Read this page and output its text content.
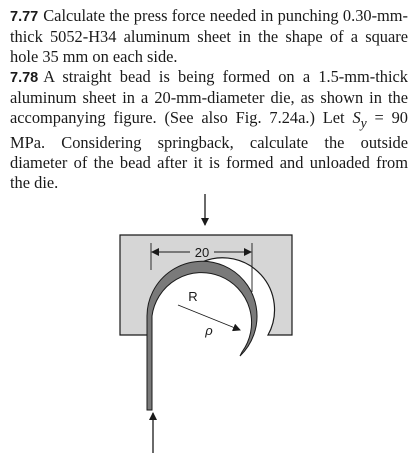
7.77 Calculate the press force needed in punching 0.30-mm-thick 5052-H34 aluminum sheet in the shape of a square hole 35 mm on each side.

7.78 A straight bead is being formed on a 1.5-mm-thick aluminum sheet in a 20-mm-diameter die, as shown in the accompanying figure. (See also Fig. 7.24a.) Let $S_y = 90$ MPa. Considering springback, calculate the outside diameter of the bead after it is formed and unloaded from the die.

20
R
ρ
